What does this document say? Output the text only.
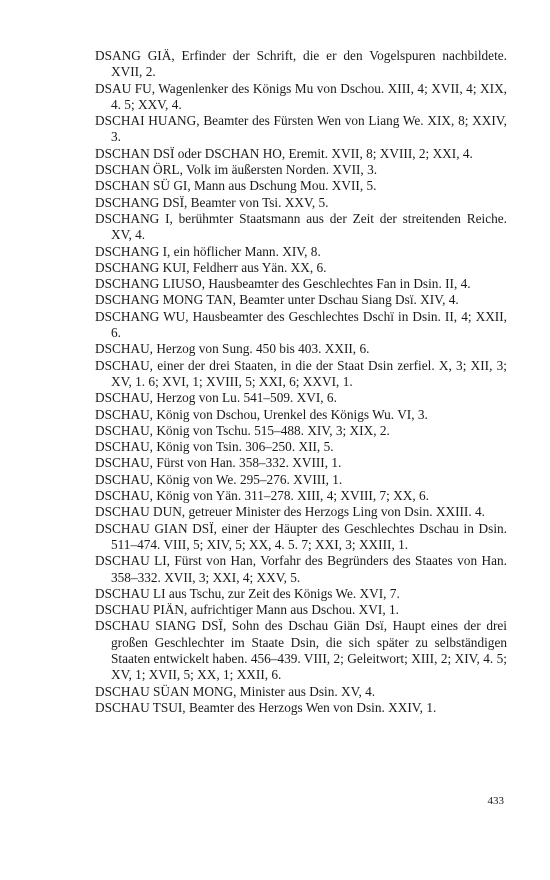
DSANG GIÄ, Erfinder der Schrift, die er den Vogelspuren nachbildete. XVII, 2.

DSAU FU, Wagenlenker des Königs Mu von Dschou. XIII, 4; XVII, 4; XIX, 4. 5; XXV, 4.

DSCHAI HUANG, Beamter des Fürsten Wen von Liang We. XIX, 8; XXIV, 3.

DSCHAN DSÏ oder DSCHAN HO, Eremit. XVII, 8; XVIII, 2; XXI, 4.

DSCHAN ÖRL, Volk im äußersten Norden. XVII, 3.

DSCHAN SÜ GI, Mann aus Dschung Mou. XVII, 5.

DSCHANG DSÏ, Beamter von Tsi. XXV, 5.

DSCHANG I, berühmter Staatsmann aus der Zeit der streitenden Reiche. XV, 4.

DSCHANG I, ein höflicher Mann. XIV, 8.

DSCHANG KUI, Feldherr aus Yän. XX, 6.

DSCHANG LIUSO, Hausbeamter des Geschlechtes Fan in Dsin. II, 4.

DSCHANG MONG TAN, Beamter unter Dschau Siang Dsï. XIV, 4.

DSCHANG WU, Hausbeamter des Geschlechtes Dschï in Dsin. II, 4; XXII, 6.

DSCHAU, Herzog von Sung. 450 bis 403. XXII, 6.

DSCHAU, einer der drei Staaten, in die der Staat Dsin zerfiel. X, 3; XII, 3; XV, 1. 6; XVI, 1; XVIII, 5; XXI, 6; XXVI, 1.

DSCHAU, Herzog von Lu. 541–509. XVI, 6.

DSCHAU, König von Dschou, Urenkel des Königs Wu. VI, 3.

DSCHAU, König von Tschu. 515–488. XIV, 3; XIX, 2.

DSCHAU, König von Tsin. 306–250. XII, 5.

DSCHAU, Fürst von Han. 358–332. XVIII, 1.

DSCHAU, König von We. 295–276. XVIII, 1.

DSCHAU, König von Yän. 311–278. XIII, 4; XVIII, 7; XX, 6.

DSCHAU DUN, getreuer Minister des Herzogs Ling von Dsin. XXIII. 4.

DSCHAU GIAN DSÏ, einer der Häupter des Geschlechtes Dschau in Dsin. 511–474. VIII, 5; XIV, 5; XX, 4. 5. 7; XXI, 3; XXIII, 1.

DSCHAU LI, Fürst von Han, Vorfahr des Begründers des Staates von Han. 358–332. XVII, 3; XXI, 4; XXV, 5.

DSCHAU LI aus Tschu, zur Zeit des Königs We. XVI, 7.

DSCHAU PIÄN, aufrichtiger Mann aus Dschou. XVI, 1.

DSCHAU SIANG DSÏ, Sohn des Dschau Giän Dsï, Haupt eines der drei großen Geschlechter im Staate Dsin, die sich später zu selbständigen Staaten entwickelt haben. 456–439. VIII, 2; Geleitwort; XIII, 2; XIV, 4. 5; XV, 1; XVII, 5; XX, 1; XXII, 6.

DSCHAU SÜAN MONG, Minister aus Dsin. XV, 4.

DSCHAU TSUI, Beamter des Herzogs Wen von Dsin. XXIV, 1.

433
